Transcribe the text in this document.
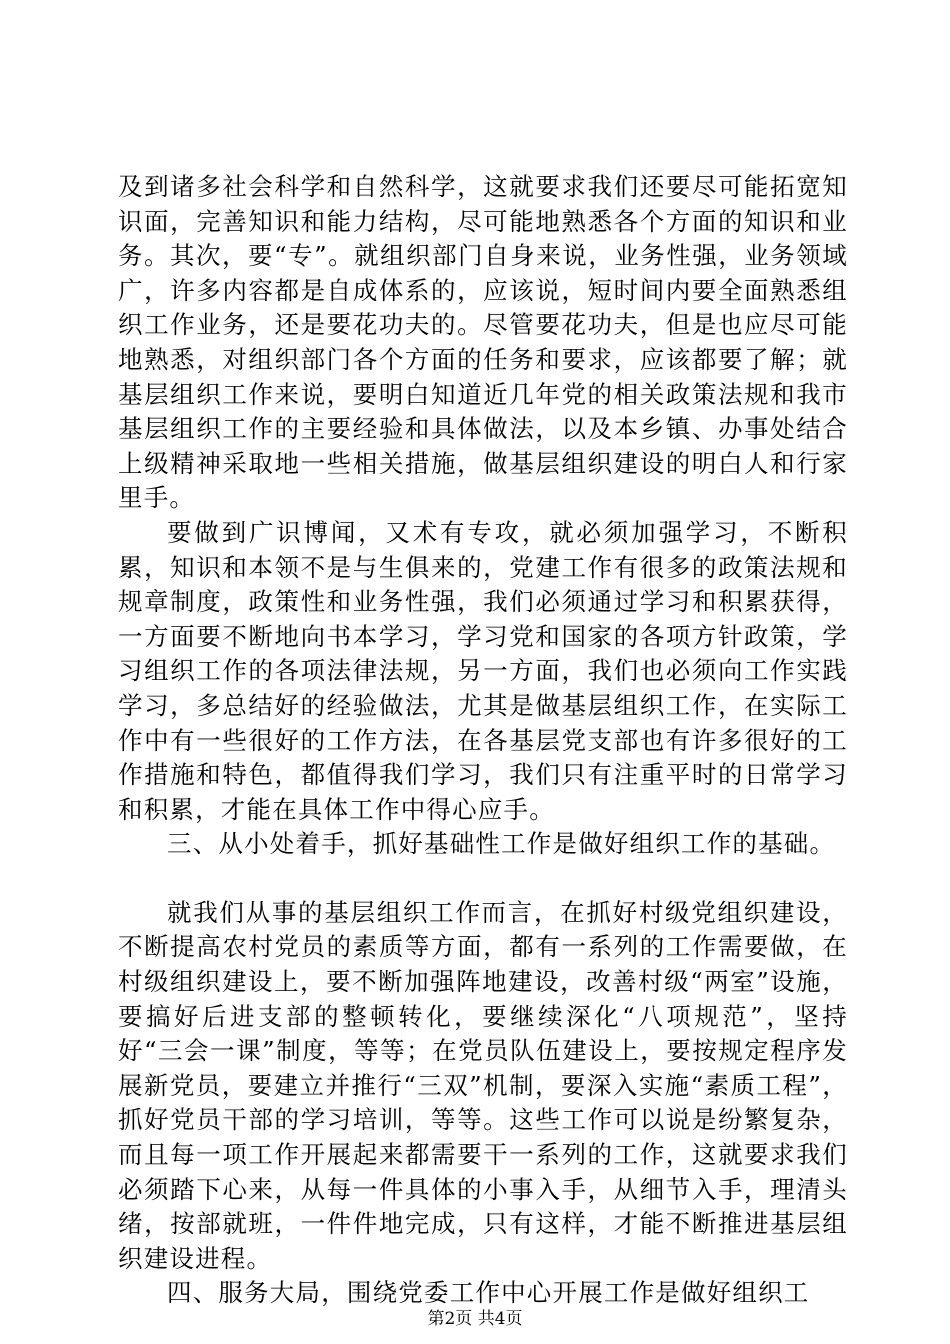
及到诸多社会科学和自然科学，这就要求我们还要尽可能拓宽知识面，完善知识和能力结构，尽可能地熟悉各个方面的知识和业务。其次，要“专”。就组织部门自身来说，业务性强，业务领域广，许多内容都是自成体系的，应该说，短时间内要全面熟悉组织工作业务，还是要花功夫的。尽管要花功夫，但是也应尽可能地熟悉，对组织部门各个方面的任务和要求，应该都要了解；就基层组织工作来说，要明白知道近几年党的相关政策法规和我市基层组织工作的主要经验和具体做法，以及本乡镇、办事处结合上级精神采取地一些相关措施，做基层组织建设的明白人和行家里手。

要做到广识博闻，又术有专攻，就必须加强学习，不断积累，知识和本领不是与生俱来的，党建工作有很多的政策法规和规章制度，政策性和业务性强，我们必须通过学习和积累获得，一方面要不断地向书本学习，学习党和国家的各项方针政策，学习组织工作的各项法律法规，另一方面，我们也必须向工作实践学习，多总结好的经验做法，尤其是做基层组织工作，在实际工作中有一些很好的工作方法，在各基层党支部也有许多很好的工作措施和特色，都值得我们学习，我们只有注重平时的日常学习和积累，才能在具体工作中得心应手。

三、从小处着手，抓好基础性工作是做好组织工作的基础。

就我们从事的基层组织工作而言，在抓好村级党组织建设，不断提高农村党员的素质等方面，都有一系列的工作需要做，在村级组织建设上，要不断加强阵地建设，改善村级“两室”设施，要搞好后进支部的整顿转化，要继续深化“八项规范”，坚持好“三会一课”制度，等等；在党员队伍建设上，要按规定程序发展新党员，要建立并推行“三双”机制，要深入实施“素质工程”，抓好党员干部的学习培训，等等。这些工作可以说是纷繁复杂，而且每一项工作开展起来都需要干一系列的工作，这就要求我们必须踏下心来，从每一件具体的小事入手，从细节入手，理清头绪，按部就班，一件件地完成，只有这样，才能不断推进基层组织建设进程。

四、服务大局，围绕党委工作中心开展工作是做好组织工

第2页 共4页
